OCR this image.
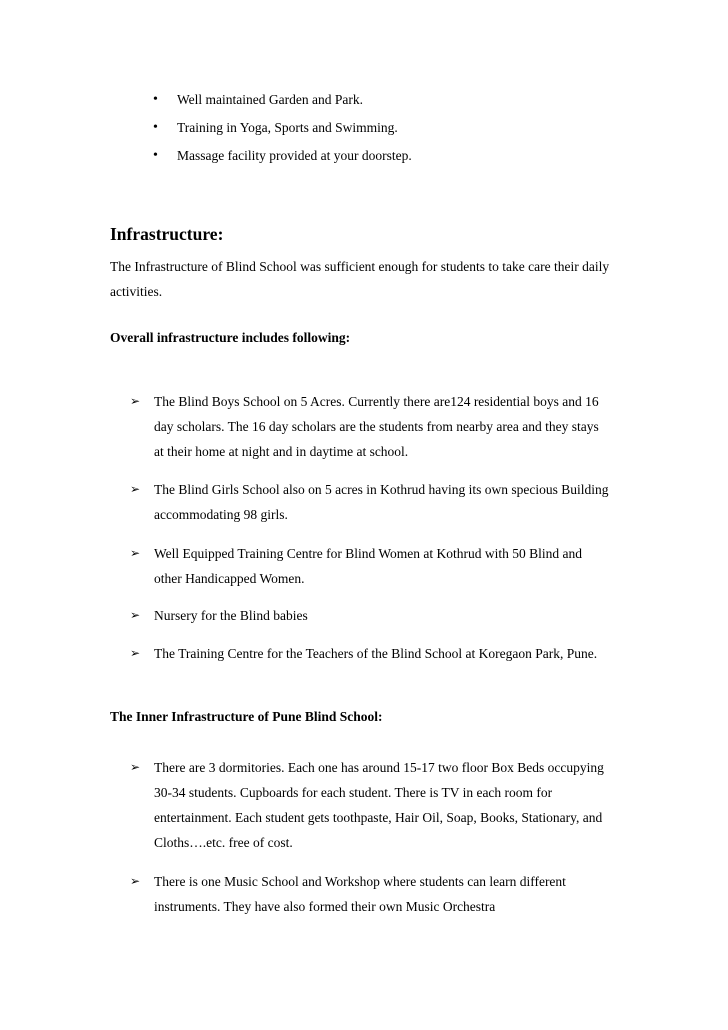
• Well maintained Garden and Park.
• Training in Yoga, Sports and Swimming.
• Massage facility provided at your doorstep.
Infrastructure:

The Infrastructure of Blind School was sufficient enough for students to take care their daily activities.

Overall infrastructure includes following:

➢ The Blind Boys School on 5 Acres. Currently there are124 residential boys and 16 day scholars. The 16 day scholars are the students from nearby area and they stays at their home at night and in daytime at school.
➢ The Blind Girls School also on 5 acres in Kothrud having its own specious Building accommodating 98 girls.
➢ Well Equipped Training Centre for Blind Women at Kothrud with 50 Blind and other Handicapped Women.
➢ Nursery for the Blind babies
➢ The Training Centre for the Teachers of the Blind School at Koregaon Park, Pune.

The Inner Infrastructure of Pune Blind School:

➢ There are 3 dormitories. Each one has around 15-17 two floor Box Beds occupying 30-34 students. Cupboards for each student. There is TV in each room for entertainment. Each student gets toothpaste, Hair Oil, Soap, Books, Stationary, and Cloths….etc. free of cost.
➢ There is one Music School and Workshop where students can learn different instruments. They have also formed their own Music Orchestra
